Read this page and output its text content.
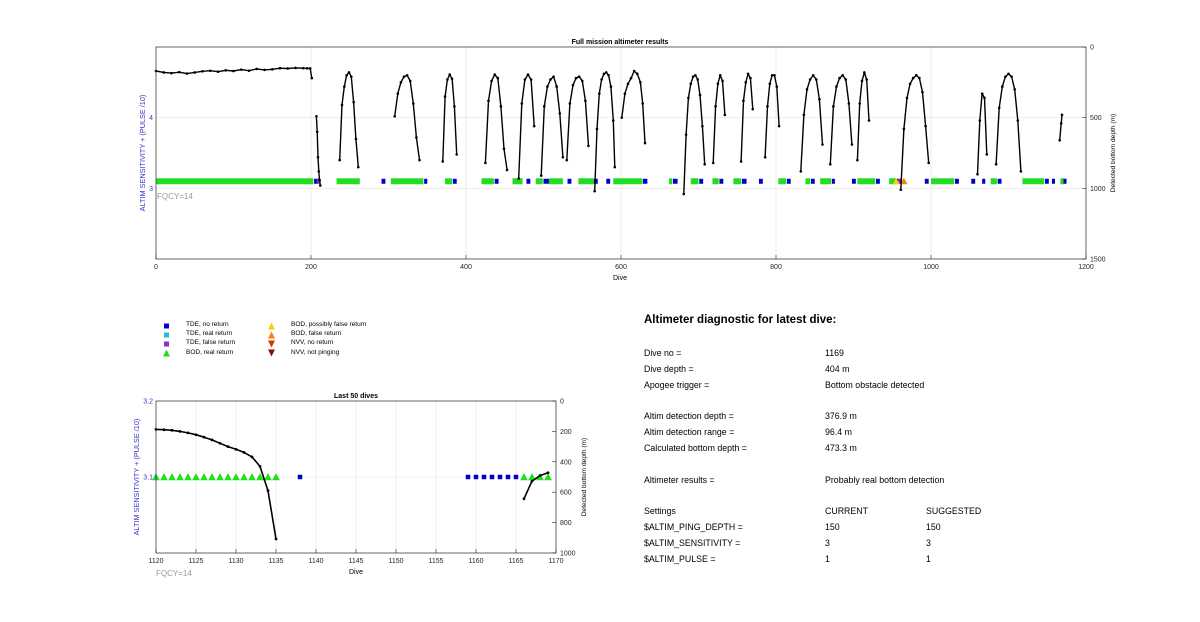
Full mission altimeter results
0	200	400	600	800	1000	1200
3
4
0
500
1000
1500
FQCY=14
ALTIM SENSITIVITY + (PULSE /10)	Detected bottom depth (m)
Dive
Last 50 dives
1120	1125	1130	1135	1140	1145	1150	1155	1160	1165	1170
3.1
3.2	0
200
400
600
800
1000
FQCY=14
ALTIM SENSITIVITY + (PULSE /10)	Detected bottom depth (m)
Dive
TDE, no return
TDE, real return
TDE, false return
BOD, real return
BOD, possibly false return
BOD, false return
NVV, no return
NVV, not pinging
Altimeter diagnostic for latest dive:
Dive no =	1169
Dive depth =	404 m
Apogee trigger =	Bottom obstacle detected
Altim detection depth =	376.9 m
Altim detection range =	96.4 m
Calculated bottom depth =	473.3 m
Altimeter results =	Probably real bottom detection
Settings	CURRENT	SUGGESTED
$ALTIM_PING_DEPTH =	150	150
$ALTIM_SENSITIVITY =	3	3
$ALTIM_PULSE =	1	1
